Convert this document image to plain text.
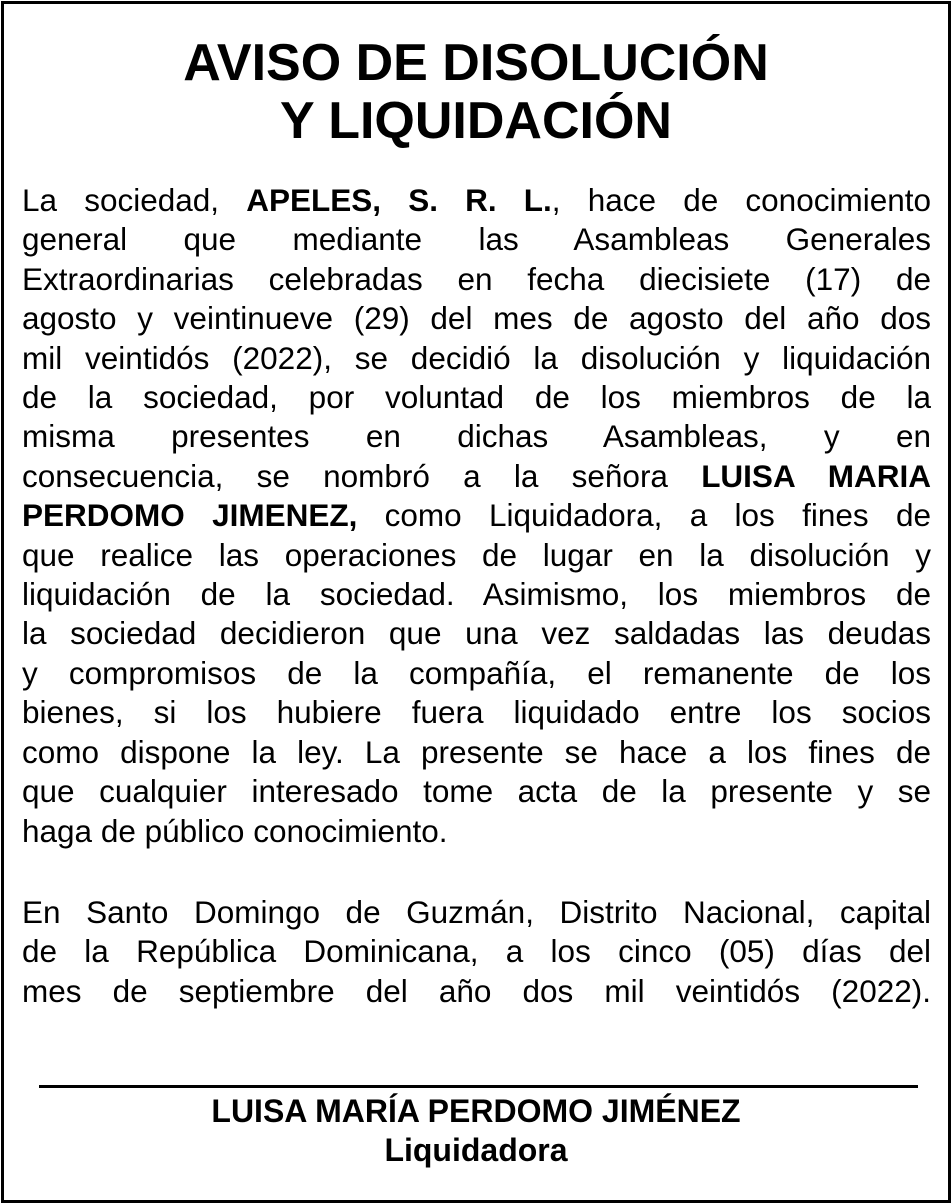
AVISO DE DISOLUCIÓN
Y LIQUIDACIÓN
La sociedad, APELES, S. R. L., hace de conocimiento
general que mediante las Asambleas Generales
Extraordinarias celebradas en fecha diecisiete (17) de
agosto y veintinueve (29) del mes de agosto del año dos
mil veintidós (2022), se decidió la disolución y liquidación
de la sociedad, por voluntad de los miembros de la
misma presentes en dichas Asambleas, y en
consecuencia, se nombró a la señora LUISA MARIA
PERDOMO JIMENEZ, como Liquidadora, a los fines de
que realice las operaciones de lugar en la disolución y
liquidación de la sociedad. Asimismo, los miembros de
la sociedad decidieron que una vez saldadas las deudas
y compromisos de la compañía, el remanente de los
bienes, si los hubiere fuera liquidado entre los socios
como dispone la ley. La presente se hace a los fines de
que cualquier interesado tome acta de la presente y se
haga de público conocimiento.
En Santo Domingo de Guzmán, Distrito Nacional, capital
de la República Dominicana, a los cinco (05) días del
mes de septiembre del año dos mil veintidós (2022).
LUISA MARÍA PERDOMO JIMÉNEZ
Liquidadora
